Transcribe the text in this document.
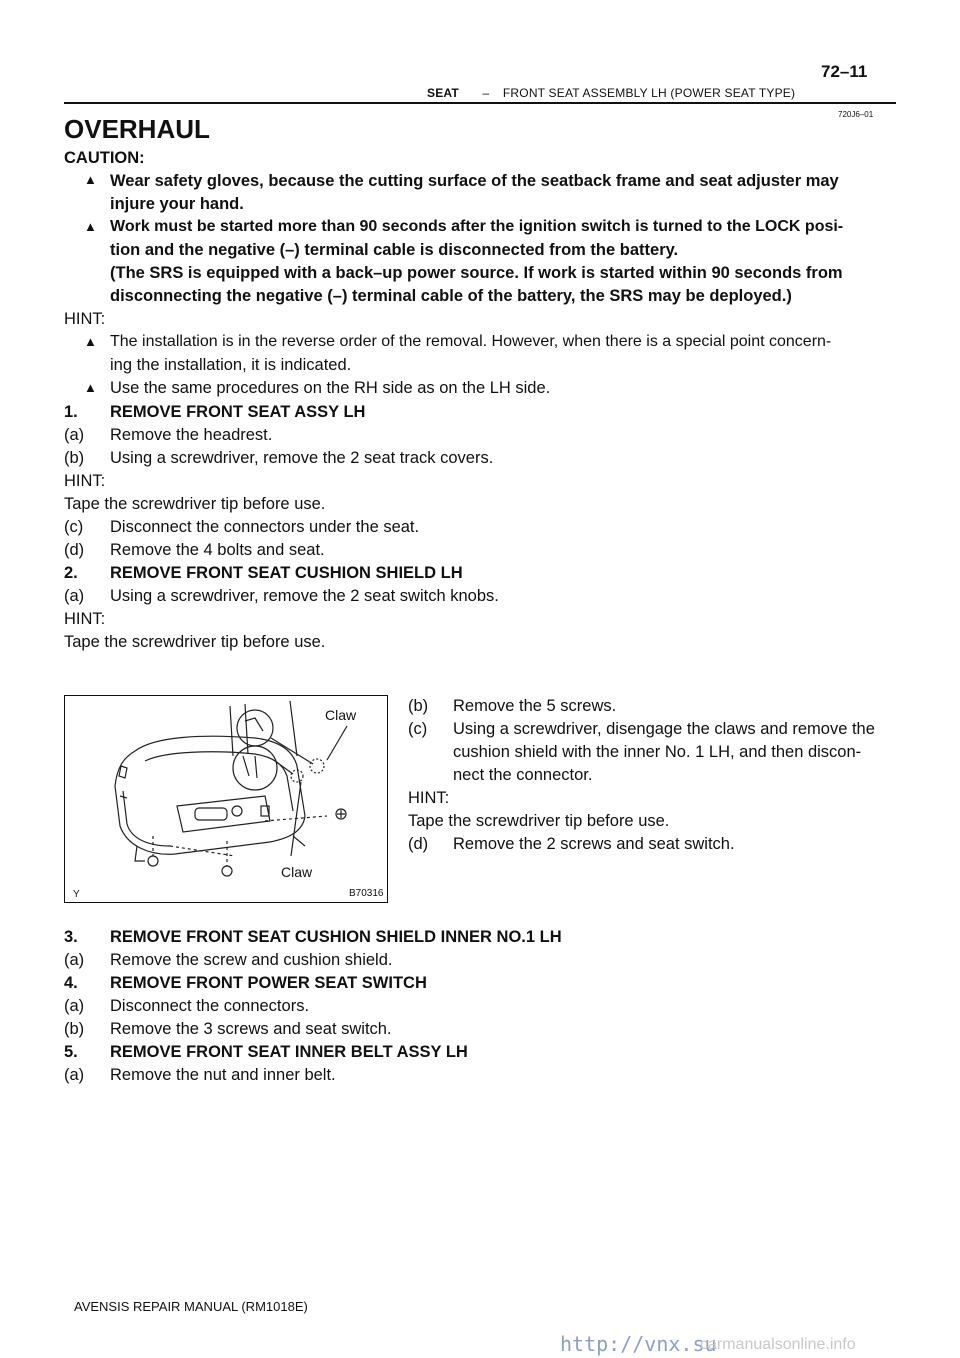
72–11
SEAT – FRONT SEAT ASSEMBLY LH (POWER SEAT TYPE)
720J6–01
OVERHAUL
CAUTION:
▲ Wear safety gloves, because the cutting surface of the seatback frame and seat adjuster may
injure your hand.
▲ Work must be started more than 90 seconds after the ignition switch is turned to the LOCK posi-
tion and the negative (–) terminal cable is disconnected from the battery.
(The SRS is equipped with a back–up power source. If work is started within 90 seconds from
disconnecting the negative (–) terminal cable of the battery, the SRS may be deployed.)
HINT:
▲ The installation is in the reverse order of the removal. However, when there is a special point concern-
ing the installation, it is indicated.
▲ Use the same procedures on the RH side as on the LH side.
1. REMOVE FRONT SEAT ASSY LH
(a) Remove the headrest.
(b) Using a screwdriver, remove the 2 seat track covers.
HINT:
Tape the screwdriver tip before use.
(c) Disconnect the connectors under the seat.
(d) Remove the 4 bolts and seat.
2. REMOVE FRONT SEAT CUSHION SHIELD LH
(a) Using a screwdriver, remove the 2 seat switch knobs.
HINT:
Tape the screwdriver tip before use.
Claw
Claw
Y	B70316
(b) Remove the 5 screws.
(c) Using a screwdriver, disengage the claws and remove the
cushion shield with the inner No. 1 LH, and then discon-
nect the connector.
HINT:
Tape the screwdriver tip before use.
(d) Remove the 2 screws and seat switch.
3. REMOVE FRONT SEAT CUSHION SHIELD INNER NO.1 LH
(a) Remove the screw and cushion shield.
4. REMOVE FRONT POWER SEAT SWITCH
(a) Disconnect the connectors.
(b) Remove the 3 screws and seat switch.
5. REMOVE FRONT SEAT INNER BELT ASSY LH
(a) Remove the nut and inner belt.
AVENSIS REPAIR MANUAL (RM1018E)
http://vnx.su
carmanualsonline.info
